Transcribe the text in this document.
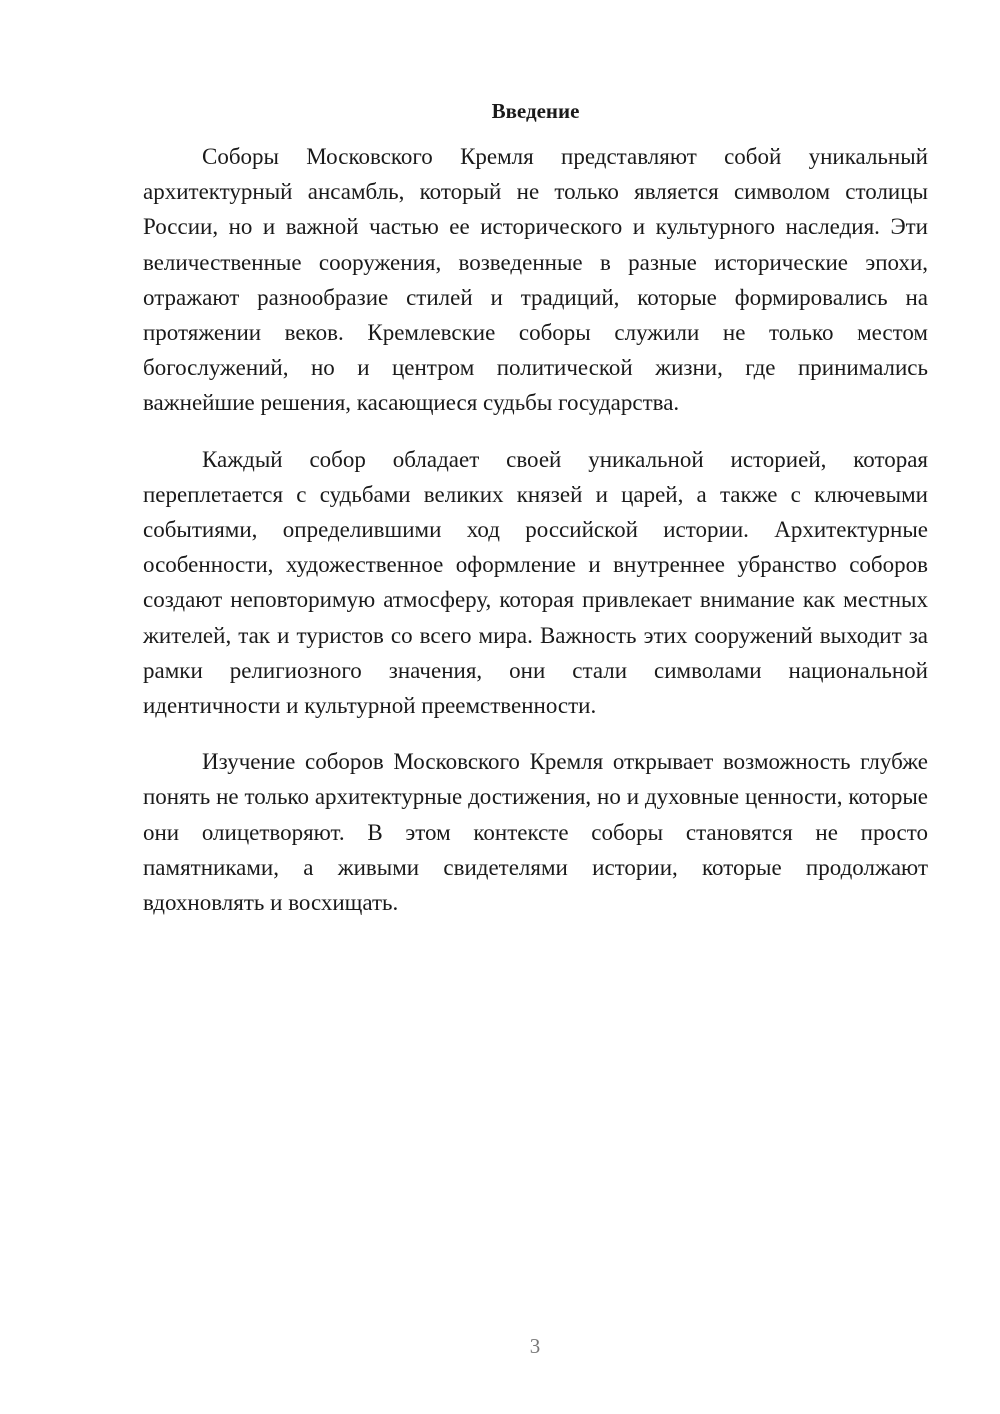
Введение

Соборы Московского Кремля представляют собой уникальный архитектурный ансамбль, который не только является символом столицы России, но и важной частью ее исторического и культурного наследия. Эти величественные сооружения, возведенные в разные исторические эпохи, отражают разнообразие стилей и традиций, которые формировались на протяжении веков. Кремлевские соборы служили не только местом богослужений, но и центром политической жизни, где принимались важнейшие решения, касающиеся судьбы государства.

Каждый собор обладает своей уникальной историей, которая переплетается с судьбами великих князей и царей, а также с ключевыми событиями, определившими ход российской истории. Архитектурные особенности, художественное оформление и внутреннее убранство соборов создают неповторимую атмосферу, которая привлекает внимание как местных жителей, так и туристов со всего мира. Важность этих сооружений выходит за рамки религиозного значения, они стали символами национальной идентичности и культурной преемственности.

Изучение соборов Московского Кремля открывает возможность глубже понять не только архитектурные достижения, но и духовные ценности, которые они олицетворяют. В этом контексте соборы становятся не просто памятниками, а живыми свидетелями истории, которые продолжают вдохновлять и восхищать.

3
